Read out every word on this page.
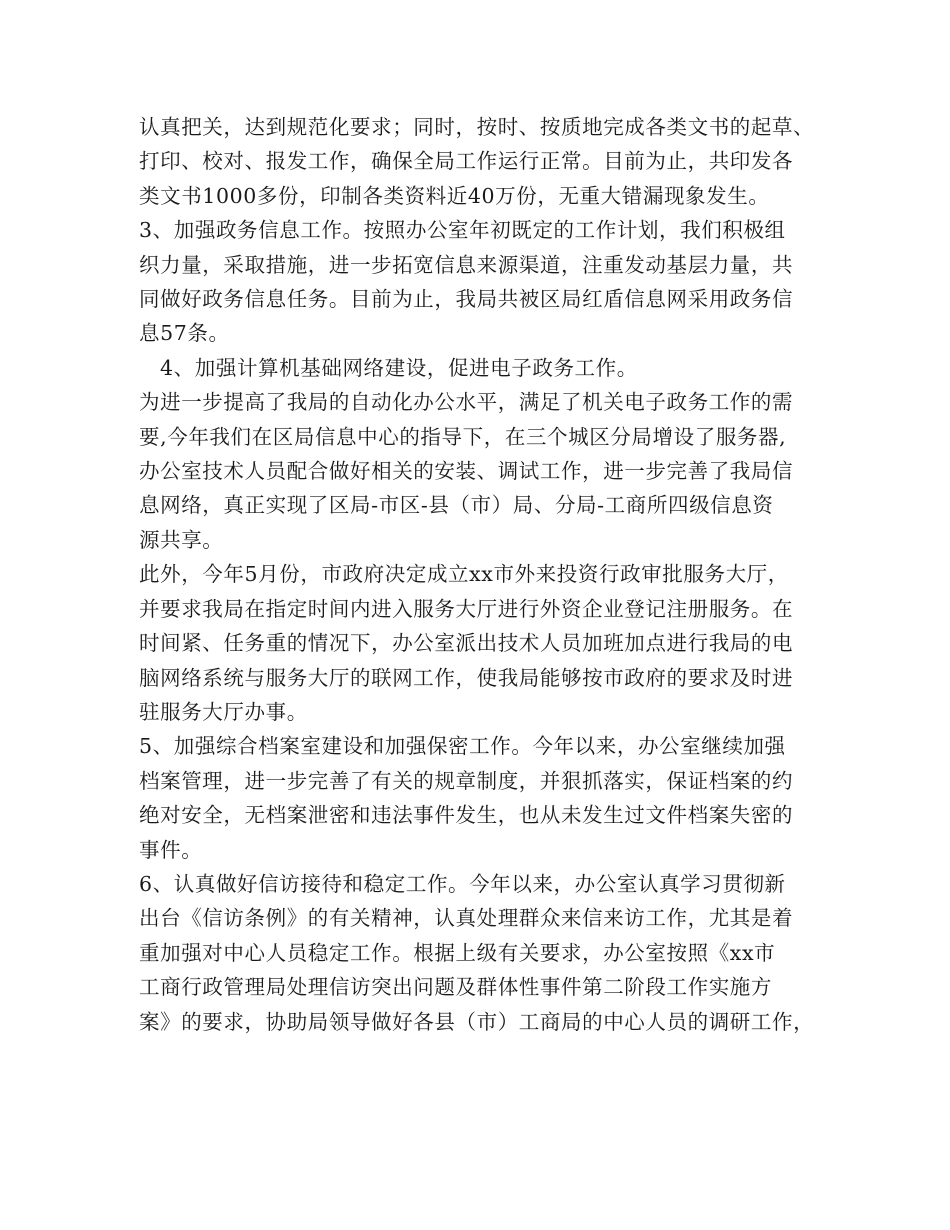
认真把关，达到规范化要求；同时，按时、按质地完成各类文书的起草、
打印、校对、报发工作，确保全局工作运行正常。目前为止，共印发各
类文书1000多份，印制各类资料近40万份，无重大错漏现象发生。
3、加强政务信息工作。按照办公室年初既定的工作计划，我们积极组
织力量，采取措施，进一步拓宽信息来源渠道，注重发动基层力量，共
同做好政务信息任务。目前为止，我局共被区局红盾信息网采用政务信
息57条。
4、加强计算机基础网络建设，促进电子政务工作。
为进一步提高了我局的自动化办公水平，满足了机关电子政务工作的需
要,今年我们在区局信息中心的指导下，在三个城区分局增设了服务器,
办公室技术人员配合做好相关的安装、调试工作，进一步完善了我局信
息网络，真正实现了区局-市区-县（市）局、分局-工商所四级信息资
源共享。
此外，今年5月份，市政府决定成立xx市外来投资行政审批服务大厅，
并要求我局在指定时间内进入服务大厅进行外资企业登记注册服务。在
时间紧、任务重的情况下，办公室派出技术人员加班加点进行我局的电
脑网络系统与服务大厅的联网工作，使我局能够按市政府的要求及时进
驻服务大厅办事。
5、加强综合档案室建设和加强保密工作。今年以来，办公室继续加强
档案管理，进一步完善了有关的规章制度，并狠抓落实，保证档案的约
绝对安全，无档案泄密和违法事件发生，也从未发生过文件档案失密的
事件。
6、认真做好信访接待和稳定工作。今年以来，办公室认真学习贯彻新
出台《信访条例》的有关精神，认真处理群众来信来访工作，尤其是着
重加强对中心人员稳定工作。根据上级有关要求，办公室按照《xx市
工商行政管理局处理信访突出问题及群体性事件第二阶段工作实施方
案》的要求，协助局领导做好各县（市）工商局的中心人员的调研工作，
